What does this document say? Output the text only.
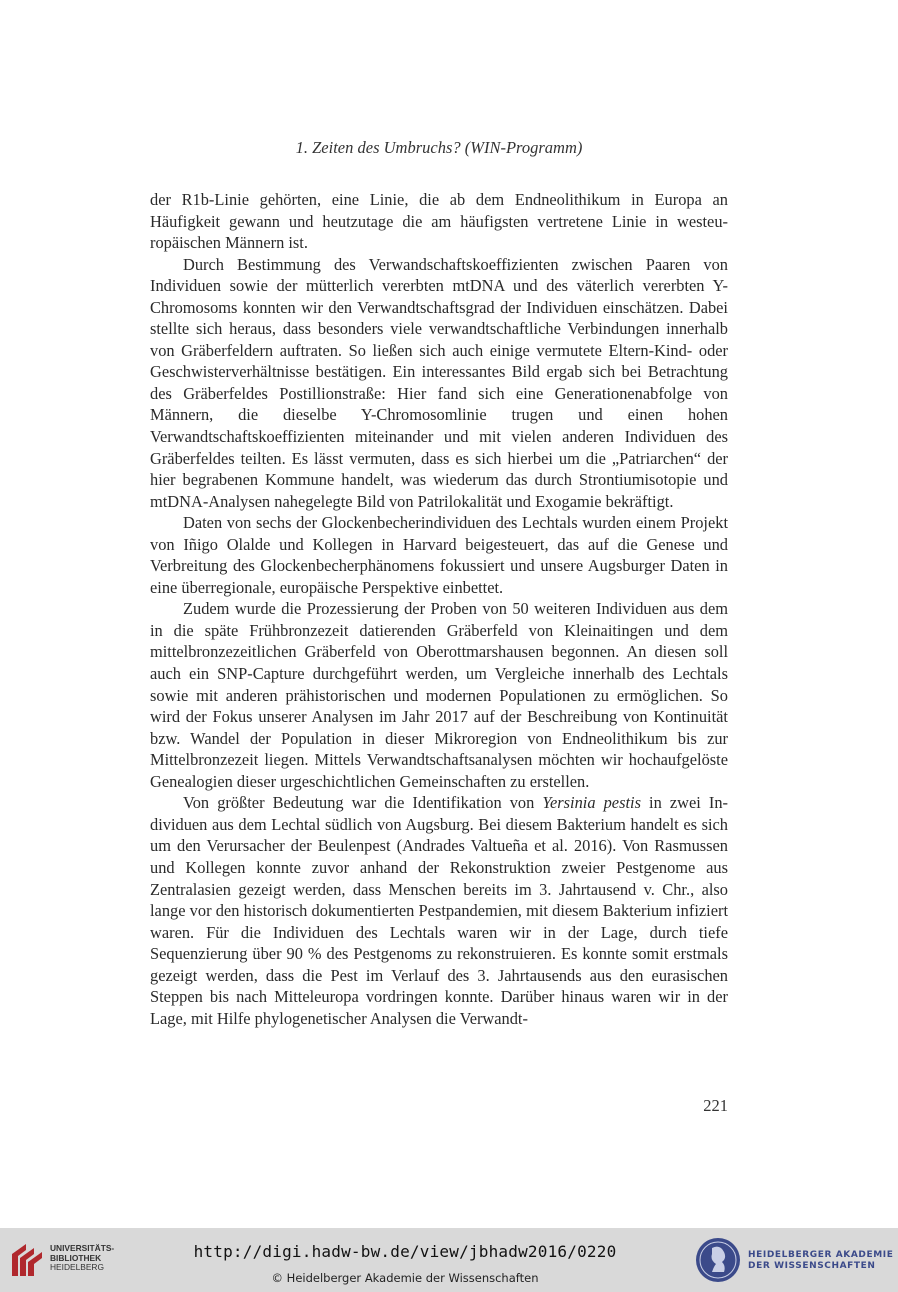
1. Zeiten des Umbruchs? (WIN-Programm)

der R1b-Linie gehörten, eine Linie, die ab dem Endneolithikum in Europa an Häufigkeit gewann und heutzutage die am häufigsten vertretene Linie in westeuropäischen Männern ist.

Durch Bestimmung des Verwandschaftskoeffizienten zwischen Paaren von Individuen sowie der mütterlich vererbten mtDNA und des väterlich vererbten Y-Chromosoms konnten wir den Verwandtschaftsgrad der Individuen einschätzen. Dabei stellte sich heraus, dass besonders viele verwandtschaftliche Verbindungen innerhalb von Gräberfeldern auftraten. So ließen sich auch einige vermutete Eltern-Kind- oder Geschwisterverhältnisse bestätigen. Ein interessantes Bild ergab sich bei Betrachtung des Gräberfeldes Postillionstraße: Hier fand sich eine Generationenabfolge von Männern, die dieselbe Y-Chromosomlinie trugen und einen hohen Verwandtschaftskoeffizienten miteinander und mit vielen anderen Individuen des Gräberfeldes teilten. Es lässt vermuten, dass es sich hierbei um die „Patriarchen“ der hier begrabenen Kommune handelt, was wiederum das durch Strontiumisotopie und mtDNA-Analysen nahegelegte Bild von Patrilokalität und Exogamie bekräftigt.

Daten von sechs der Glockenbecherindividuen des Lechtals wurden einem Projekt von Iñigo Olalde und Kollegen in Harvard beigesteuert, das auf die Genese und Verbreitung des Glockenbecherphänomens fokussiert und unsere Augsburger Daten in eine überregionale, europäische Perspektive einbettet.

Zudem wurde die Prozessierung der Proben von 50 weiteren Individuen aus dem in die späte Frühbronzezeit datierenden Gräberfeld von Kleinaitingen und dem mittelbronzezeitlichen Gräberfeld von Oberottmarshausen begonnen. An diesen soll auch ein SNP-Capture durchgeführt werden, um Vergleiche innerhalb des Lechtals sowie mit anderen prähistorischen und modernen Populationen zu ermöglichen. So wird der Fokus unserer Analysen im Jahr 2017 auf der Beschreibung von Kontinuität bzw. Wandel der Population in dieser Mikroregion von Endneolithikum bis zur Mittelbronzezeit liegen. Mittels Verwandtschaftsanalysen möchten wir hochaufgelöste Genealogien dieser urgeschichtlichen Gemeinschaften zu erstellen.

Von größter Bedeutung war die Identifikation von Yersinia pestis in zwei Individuen aus dem Lechtal südlich von Augsburg. Bei diesem Bakterium handelt es sich um den Verursacher der Beulenpest (Andrades Valtueña et al. 2016). Von Rasmussen und Kollegen konnte zuvor anhand der Rekonstruktion zweier Pestgenome aus Zentralasien gezeigt werden, dass Menschen bereits im 3. Jahrtausend v. Chr., also lange vor den historisch dokumentierten Pestpandemien, mit diesem Bakterium infiziert waren. Für die Individuen des Lechtals waren wir in der Lage, durch tiefe Sequenzierung über 90 % des Pestgenoms zu rekonstruieren. Es konnte somit erstmals gezeigt werden, dass die Pest im Verlauf des 3. Jahrtausends aus den eurasischen Steppen bis nach Mitteleuropa vordringen konnte. Darüber hinaus waren wir in der Lage, mit Hilfe phylogenetischer Analysen die Verwandt-

221
UNIVERSITÄTS-
BIBLIOTHEK
HEIDELBERG
http://digi.hadw-bw.de/view/jbhadw2016/0220
© Heidelberger Akademie der Wissenschaften
HEIDELBERGER AKADEMIE
DER WISSENSCHAFTEN
